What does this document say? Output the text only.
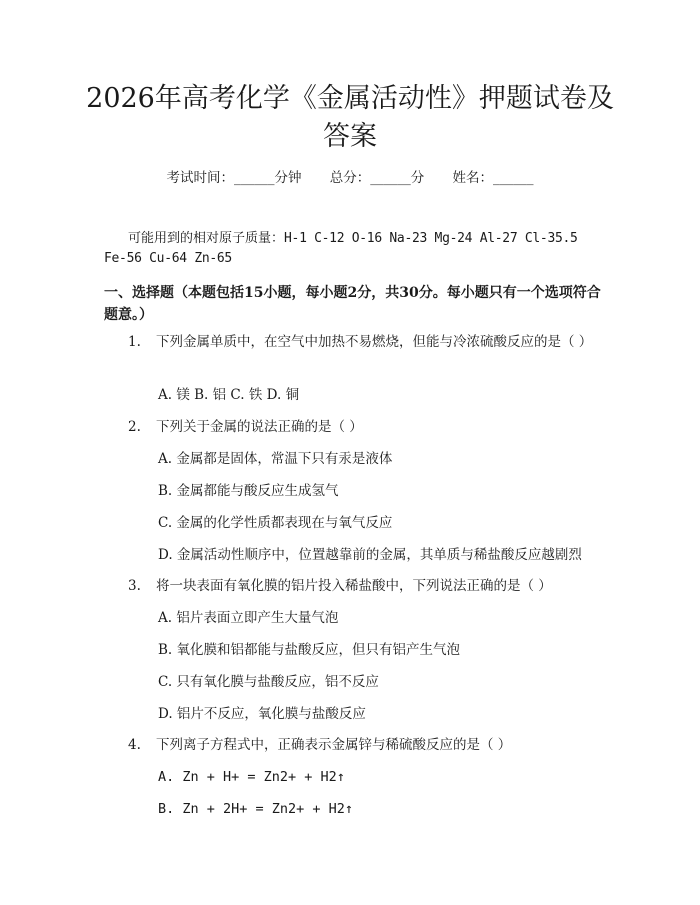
2026年高考化学《金属活动性》押题试卷及答案
考试时间：______分钟 总分：______分 姓名：______
可能用到的相对原子质量：H-1 C-12 O-16 Na-23 Mg-24 Al-27 Cl-35.5 Fe-56 Cu-64 Zn-65

一、选择题（本题包括15小题，每小题2分，共30分。每小题只有一个选项符合题意。）

1. 下列金属单质中，在空气中加热不易燃烧，但能与冷浓硫酸反应的是（ ）
A. 镁 B. 铝 C. 铁 D. 铜
2. 下列关于金属的说法正确的是（ ）
A. 金属都是固体，常温下只有汞是液体
B. 金属都能与酸反应生成氢气
C. 金属的化学性质都表现在与氧气反应
D. 金属活动性顺序中，位置越靠前的金属，其单质与稀盐酸反应越剧烈
3. 将一块表面有氧化膜的铝片投入稀盐酸中，下列说法正确的是（ ）
A. 铝片表面立即产生大量气泡
B. 氧化膜和铝都能与盐酸反应，但只有铝产生气泡
C. 只有氧化膜与盐酸反应，铝不反应
D. 铝片不反应，氧化膜与盐酸反应
4. 下列离子方程式中，正确表示金属锌与稀硫酸反应的是（ ）
A. Zn + H+ = Zn2+ + H2↑
B. Zn + 2H+ = Zn2+ + H2↑
